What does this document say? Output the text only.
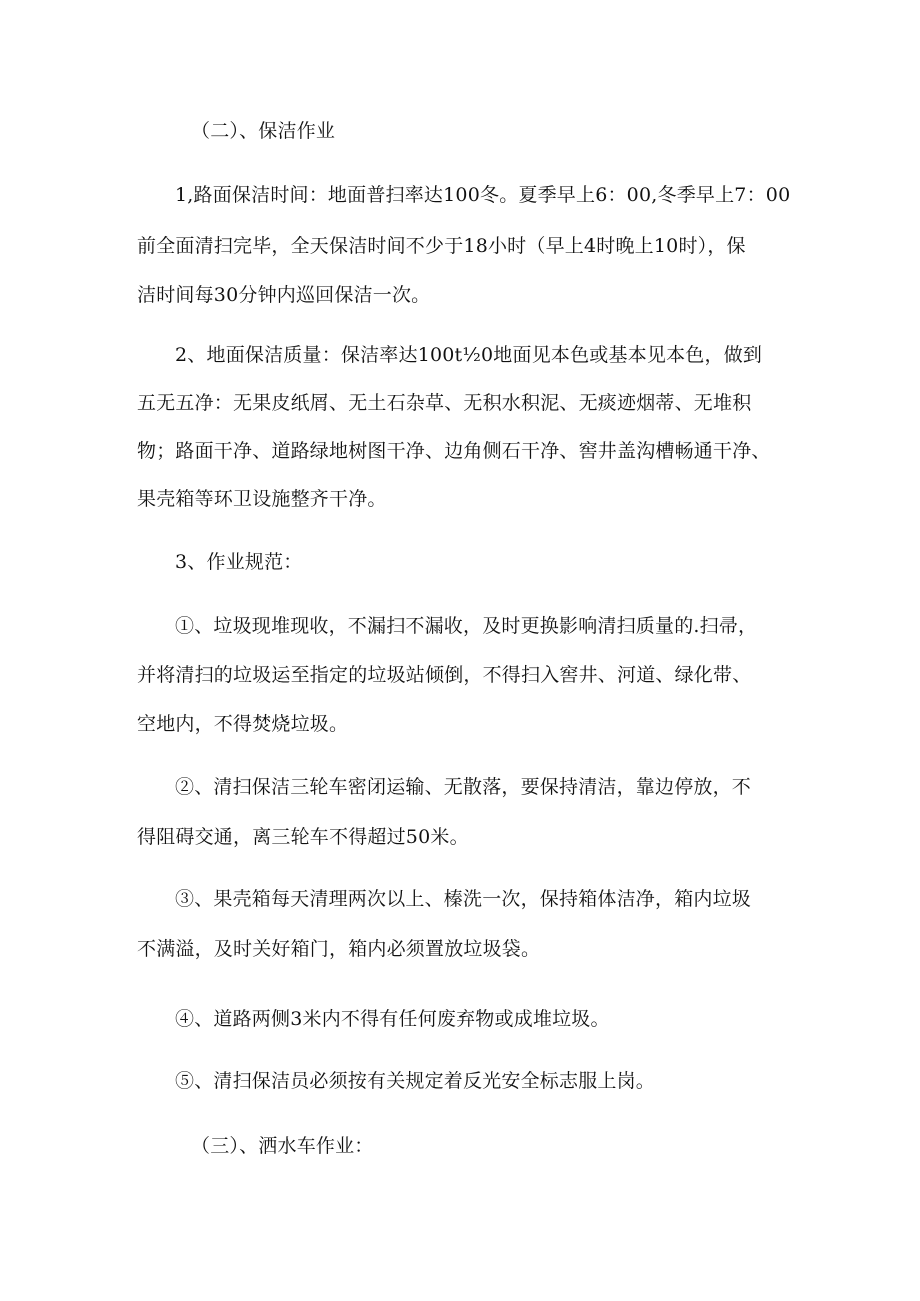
（二）、保洁作业
1,路面保洁时间：地面普扫率达100冬。夏季早上6：00,冬季早上7：00
前全面清扫完毕，全天保洁时间不少于18小时（早上4时晚上10时），保
洁时间每30分钟内巡回保洁一次。
2、地面保洁质量：保洁率达100t½0地面见本色或基本见本色，做到
五无五净：无果皮纸屑、无土石杂草、无积水积泥、无痰迹烟蒂、无堆积
物；路面干净、道路绿地树图干净、边角侧石干净、窖井盖沟槽畅通干净、
果壳箱等环卫设施整齐干净。
3、作业规范：
①、垃圾现堆现收，不漏扫不漏收，及时更换影响清扫质量的.扫帚，
并将清扫的垃圾运至指定的垃圾站倾倒，不得扫入窖井、河道、绿化带、
空地内，不得焚烧垃圾。
②、清扫保洁三轮车密闭运输、无散落，要保持清洁，靠边停放，不
得阻碍交通，离三轮车不得超过50米。
③、果壳箱每天清理两次以上、榛洗一次，保持箱体洁净，箱内垃圾
不满溢，及时关好箱门，箱内必须置放垃圾袋。
④、道路两侧3米内不得有任何废弃物或成堆垃圾。
⑤、清扫保洁员必须按有关规定着反光安全标志服上岗。
（三）、洒水车作业：
